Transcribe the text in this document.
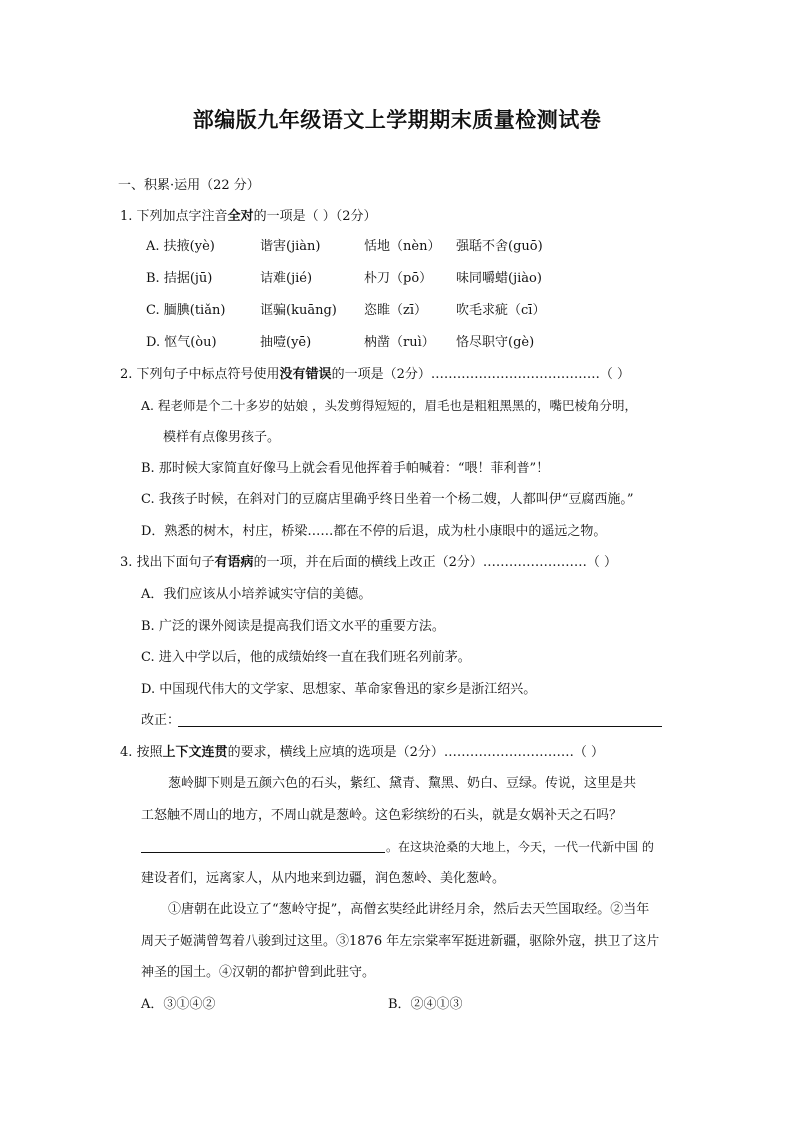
部编版九年级语文上学期期末质量检测试卷
一、积累·运用（22 分）
1. 下列加点字注音全对的一项是（ ）（2分）
A. 扶掖(yè)	谐害(jiàn)	恬地（nèn） 强聒不舍(guō)
B. 拮据(jū)	诘难(jié)	朴刀（pō） 味同嚼蜡(jiào)
C. 腼腆(tiǎn)	诓骗(kuāng) 恣睢（zī） 吹毛求疵（cī）
D. 怄气(òu)	抽噎(yē)	枘凿（ruì） 恪尽职守(gè)
2. 下列句子中标点符号使用没有错误的一项是（2分）…………………………………（ ）
A. 程老师是个二十多岁的姑娘 ，头发剪得短短的，眉毛也是粗粗黑黑的，嘴巴棱角分明，
模样有点像男孩子。
B. 那时候大家简直好像马上就会看见他挥着手帕喊着：“喂！菲利普”！
C. 我孩子时候，在斜对门的豆腐店里确乎终日坐着一个杨二嫂，人都叫伊“豆腐西施。”
D．熟悉的树木，村庄，桥梁……都在不停的后退，成为杜小康眼中的遥远之物。
3. 找出下面句子有语病的一项，并在后面的横线上改正（2分）……………………（ ）
A．我们应该从小培养诚实守信的美德。
B. 广泛的课外阅读是提高我们语文水平的重要方法。
C. 进入中学以后，他的成绩始终一直在我们班名列前茅。
D. 中国现代伟大的文学家、思想家、革命家鲁迅的家乡是浙江绍兴。
改正：
4. 按照上下文连贯的要求，横线上应填的选项是（2分）…………………………（ ）
葱岭脚下则是五颜六色的石头，紫红、黛青、黧黑、奶白、豆绿。传说，这里是共
工怒触不周山的地方，不周山就是葱岭。这色彩缤纷的石头，就是女娲补天之石吗？
。在这块沧桑的大地上，今天，一代一代新中国 的
建设者们，远离家人，从内地来到边疆，润色葱岭、美化葱岭。
①唐朝在此设立了“葱岭守捉”，高僧玄奘经此讲经月余，然后去天竺国取经。②当年
周天子姬满曾驾着八骏到过这里。③1876 年左宗棠率军挺进新疆，驱除外寇，拱卫了这片
神圣的国土。④汉朝的都护曾到此驻守。
A．③①④②	B．②④①③
